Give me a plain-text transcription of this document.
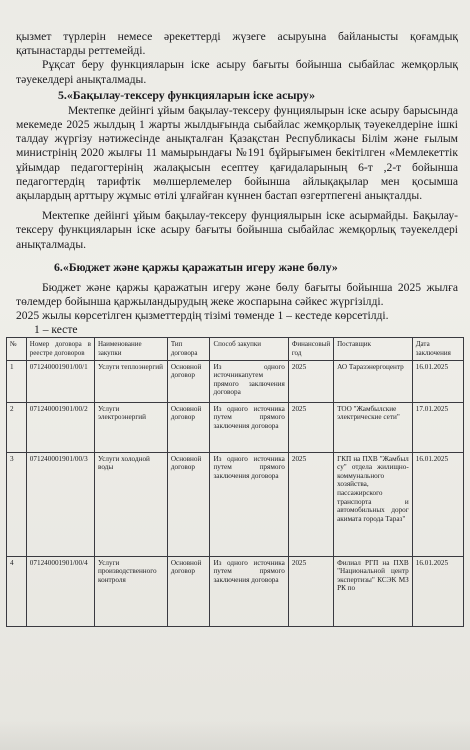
қызмет түрлерін немесе әрекеттерді жүзеге асыруына байланысты қоғамдық қатынастарды реттемейді.

Рұқсат беру функцияларын іске асыру бағыты бойынша сыбайлас жемқорлық тәуекелдері анықталмады.

5.«Бақылау-тексеру функцияларын іске асыру»

Мектепке дейінгі ұйым бақылау-тексеру фунциялырын іске асыру барысында мекемеде 2025 жылдың 1 жарты жылдығында сыбайлас жемқорлық тәуекелдеріне ішкі талдау жүргізу нәтижесінде анықталған Қазақстан Республикасы Білім және ғылым министрінің 2020 жылғы 11 мамырындағы №191 бұйрығымен бекітілген «Мемлекеттік ұйымдар педагогтерінің жалақысын есептеу қағидаларының 6-т ,2-т бойынша педагогтердің тарифтік мөлшерлемелер бойынша айлықақылар мен қосымша ақылардың арттыру жұмыс өтілі ұлғайған күннен бастап өзгертпегені анықталды.

Мектепке дейінгі ұйым бақылау-тексеру фунциялырын іске асырмайды. Бақылау-тексеру функцияларын іске асыру бағыты бойынша сыбайлас жемқорлық тәуекелдері анықталмады.

6.«Бюджет және қаржы қаражатын игеру және бөлу»

Бюджет және қаржы қаражатын игеру және бөлу бағыты бойынша 2025 жылға төлемдер бойынша қаржыландырудың жеке жоспарына сәйкес жүргізілді.

2025 жылы көрсетілген қызметтердің тізімі төменде 1 – кестеде көрсетілді.

1 – кесте
№	Номер договора в реестре договоров	Наименование закупки	Тип договора	Способ закупки	Финансовый год	Поставщик	Дата заключения
1	071240001901/00/1	Услуги теплоэнергий	Основной договор	Из одного источникапутем прямого заключения договора	2025	АО Таразэнергоцентр	16.01.2025
2	071240001901/00/2	Услуги электроэнергий	Основной договор	Из одного источника путем прямого заключения договора	2025	ТОО "Жамбылские электрические сети"	17.01.2025
3	071240001901/00/3	Услуги холодной воды	Основной договор	Из одного источника путем прямого заключения договора	2025	ГКП на ПХВ "Жамбыл су" отдела жилищно-коммунального хозяйства, пассажирского транспорта и автомобильных дорог акимата города Тараз"	16.01.2025
4	071240001901/00/4	Услуги производственного контроля	Основной договор	Из одного источника путем прямого заключения договора	2025	Филиал РГП на ПХВ "Национальной центр экспертизы" КСЭК МЗ РК по	16.01.2025
